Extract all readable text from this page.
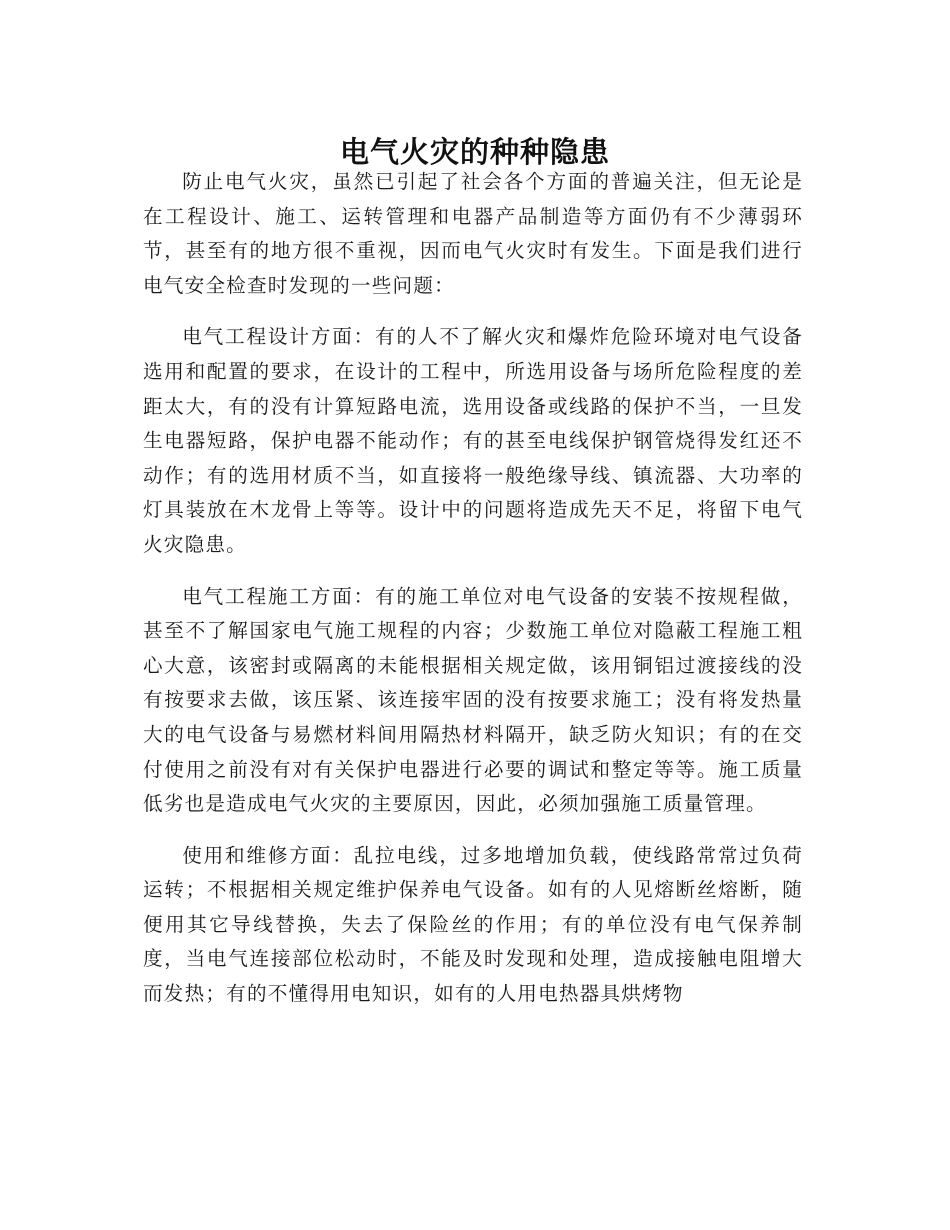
电气火灾的种种隐患

防止电气火灾，虽然已引起了社会各个方面的普遍关注，但无论是在工程设计、施工、运转管理和电器产品制造等方面仍有不少薄弱环节，甚至有的地方很不重视，因而电气火灾时有发生。下面是我们进行电气安全检查时发现的一些问题：

电气工程设计方面：有的人不了解火灾和爆炸危险环境对电气设备选用和配置的要求，在设计的工程中，所选用设备与场所危险程度的差距太大，有的没有计算短路电流，选用设备或线路的保护不当，一旦发生电器短路，保护电器不能动作；有的甚至电线保护钢管烧得发红还不动作；有的选用材质不当，如直接将一般绝缘导线、镇流器、大功率的灯具装放在木龙骨上等等。设计中的问题将造成先天不足，将留下电气火灾隐患。

电气工程施工方面：有的施工单位对电气设备的安装不按规程做，甚至不了解国家电气施工规程的内容；少数施工单位对隐蔽工程施工粗心大意，该密封或隔离的未能根据相关规定做，该用铜铝过渡接线的没有按要求去做，该压紧、该连接牢固的没有按要求施工；没有将发热量大的电气设备与易燃材料间用隔热材料隔开，缺乏防火知识；有的在交付使用之前没有对有关保护电器进行必要的调试和整定等等。施工质量低劣也是造成电气火灾的主要原因，因此，必须加强施工质量管理。

使用和维修方面：乱拉电线，过多地增加负载，使线路常常过负荷运转；不根据相关规定维护保养电气设备。如有的人见熔断丝熔断，随便用其它导线替换，失去了保险丝的作用；有的单位没有电气保养制度，当电气连接部位松动时，不能及时发现和处理，造成接触电阻增大而发热；有的不懂得用电知识，如有的人用电热器具烘烤物
